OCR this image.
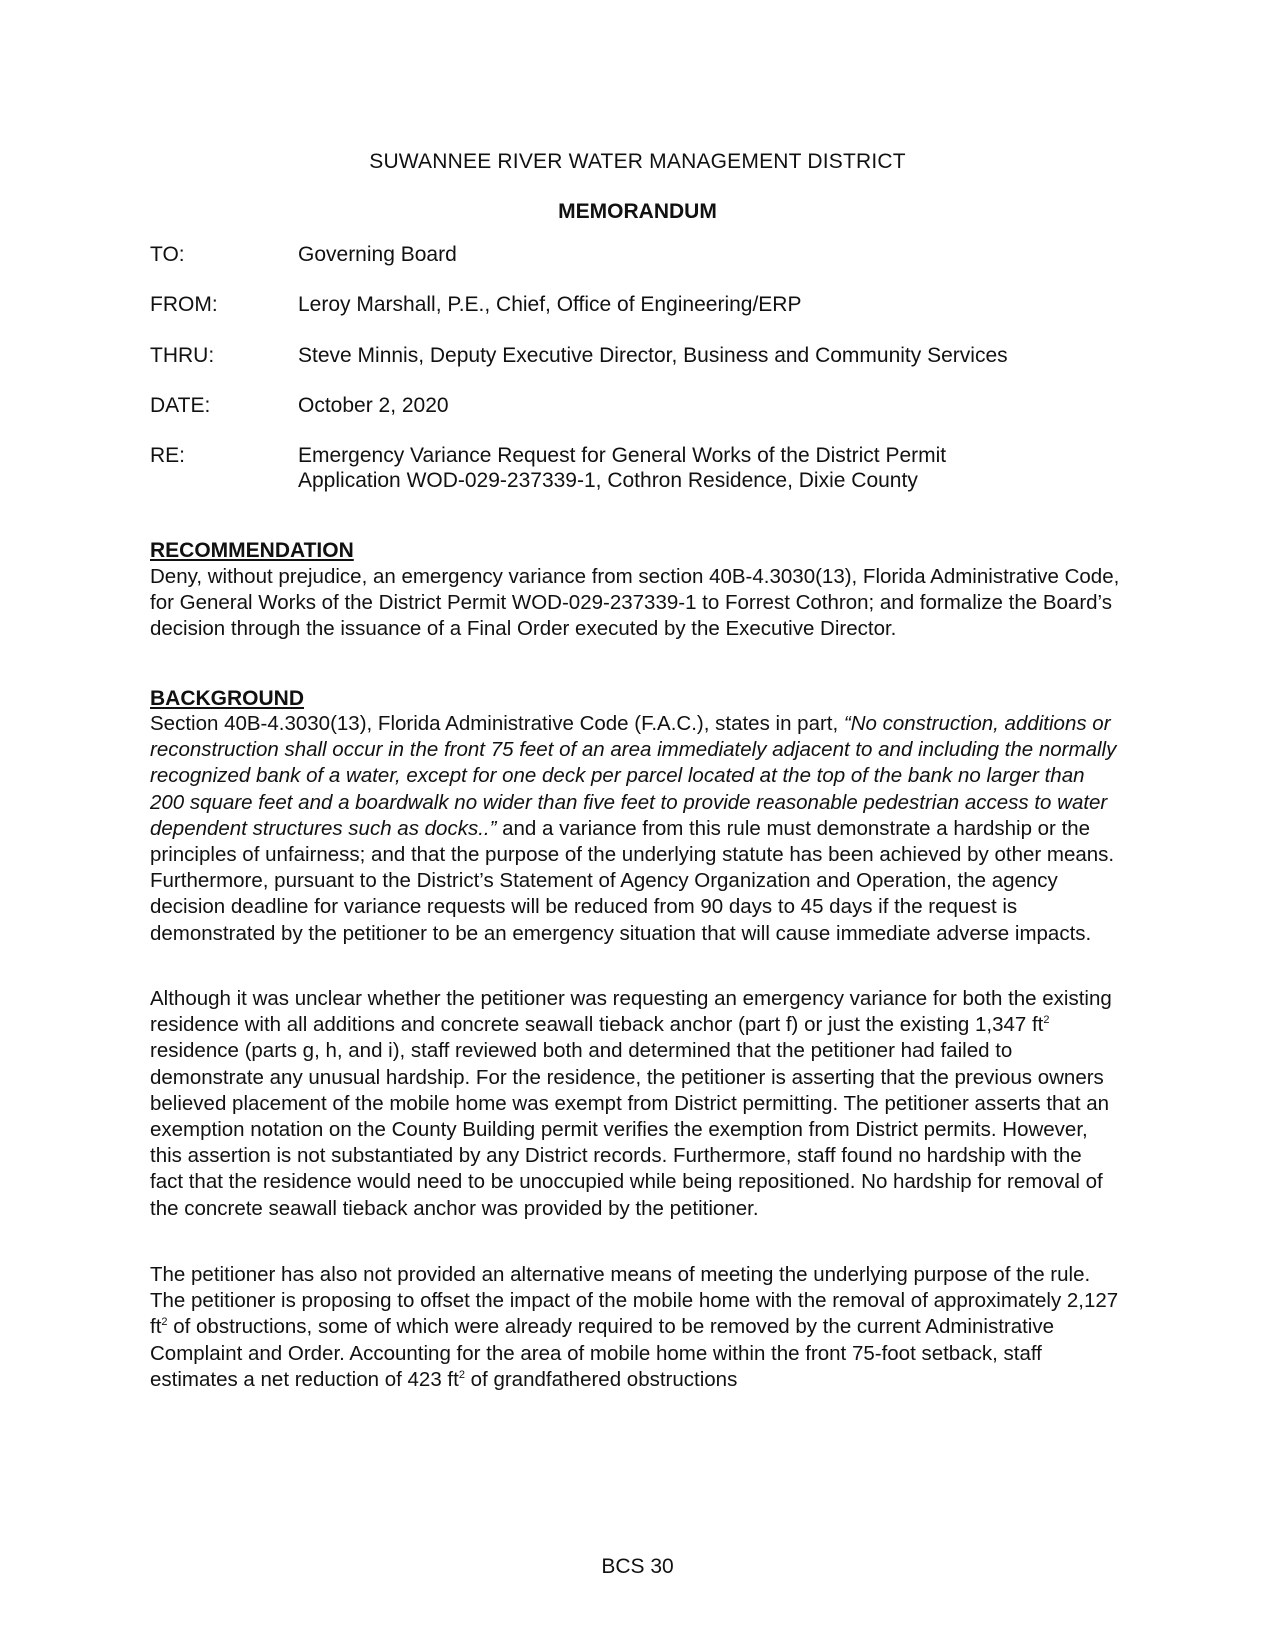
SUWANNEE RIVER WATER MANAGEMENT DISTRICT
MEMORANDUM
TO:	Governing Board
FROM:	Leroy Marshall, P.E., Chief, Office of Engineering/ERP
THRU:	Steve Minnis, Deputy Executive Director, Business and Community Services
DATE:	October 2, 2020
RE:	Emergency Variance Request for General Works of the District Permit
Application WOD-029-237339-1, Cothron Residence, Dixie County
RECOMMENDATION
Deny, without prejudice, an emergency variance from section 40B-4.3030(13), Florida Administrative Code, for General Works of the District Permit WOD-029-237339-1 to Forrest Cothron; and formalize the Board’s decision through the issuance of a Final Order executed by the Executive Director.
BACKGROUND
Section 40B-4.3030(13), Florida Administrative Code (F.A.C.), states in part, “No construction, additions or reconstruction shall occur in the front 75 feet of an area immediately adjacent to and including the normally recognized bank of a water, except for one deck per parcel located at the top of the bank no larger than 200 square feet and a boardwalk no wider than five feet to provide reasonable pedestrian access to water dependent structures such as docks..” and a variance from this rule must demonstrate a hardship or the principles of unfairness; and that the purpose of the underlying statute has been achieved by other means. Furthermore, pursuant to the District’s Statement of Agency Organization and Operation, the agency decision deadline for variance requests will be reduced from 90 days to 45 days if the request is demonstrated by the petitioner to be an emergency situation that will cause immediate adverse impacts.
Although it was unclear whether the petitioner was requesting an emergency variance for both the existing residence with all additions and concrete seawall tieback anchor (part f) or just the existing 1,347 $ft^2$ residence (parts g, h, and i), staff reviewed both and determined that the petitioner had failed to demonstrate any unusual hardship. For the residence, the petitioner is asserting that the previous owners believed placement of the mobile home was exempt from District permitting. The petitioner asserts that an exemption notation on the County Building permit verifies the exemption from District permits. However, this assertion is not substantiated by any District records. Furthermore, staff found no hardship with the fact that the residence would need to be unoccupied while being repositioned. No hardship for removal of the concrete seawall tieback anchor was provided by the petitioner.
The petitioner has also not provided an alternative means of meeting the underlying purpose of the rule. The petitioner is proposing to offset the impact of the mobile home with the removal of approximately 2,127 $ft^2$ of obstructions, some of which were already required to be removed by the current Administrative Complaint and Order. Accounting for the area of mobile home within the front 75-foot setback, staff estimates a net reduction of 423 $ft^2$ of grandfathered obstructions
BCS 30
